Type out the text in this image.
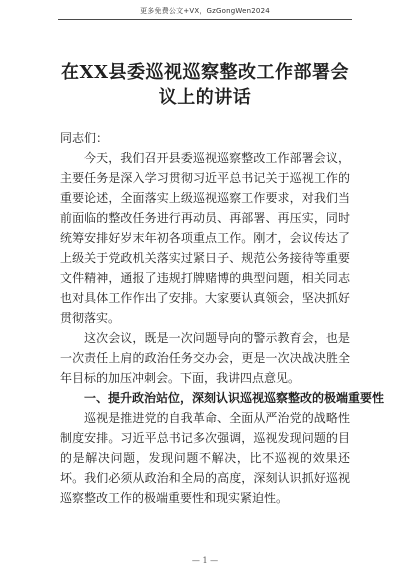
更多免费公文+VX，GzGongWen2024
在XX县委巡视巡察整改工作部署会议上的讲话

同志们：

今天，我们召开县委巡视巡察整改工作部署会议，主要任务是深入学习贯彻习近平总书记关于巡视工作的重要论述，全面落实上级巡视巡察工作要求，对我们当前面临的整改任务进行再动员、再部署、再压实，同时统筹安排好岁末年初各项重点工作。刚才，会议传达了上级关于党政机关落实过紧日子、规范公务接待等重要文件精神，通报了违规打牌赌博的典型问题，相关同志也对具体工作作出了安排。大家要认真领会，坚决抓好贯彻落实。

这次会议，既是一次问题导向的警示教育会，也是一次责任上肩的政治任务交办会，更是一次决战决胜全年目标的加压冲刺会。下面，我讲四点意见。

一、提升政治站位，深刻认识巡视巡察整改的极端重要性

巡视是推进党的自我革命、全面从严治党的战略性制度安排。习近平总书记多次强调，巡视发现问题的目的是解决问题，发现问题不解决，比不巡视的效果还坏。我们必须从政治和全局的高度，深刻认识抓好巡视巡察整改工作的极端重要性和现实紧迫性。

— 1 —
